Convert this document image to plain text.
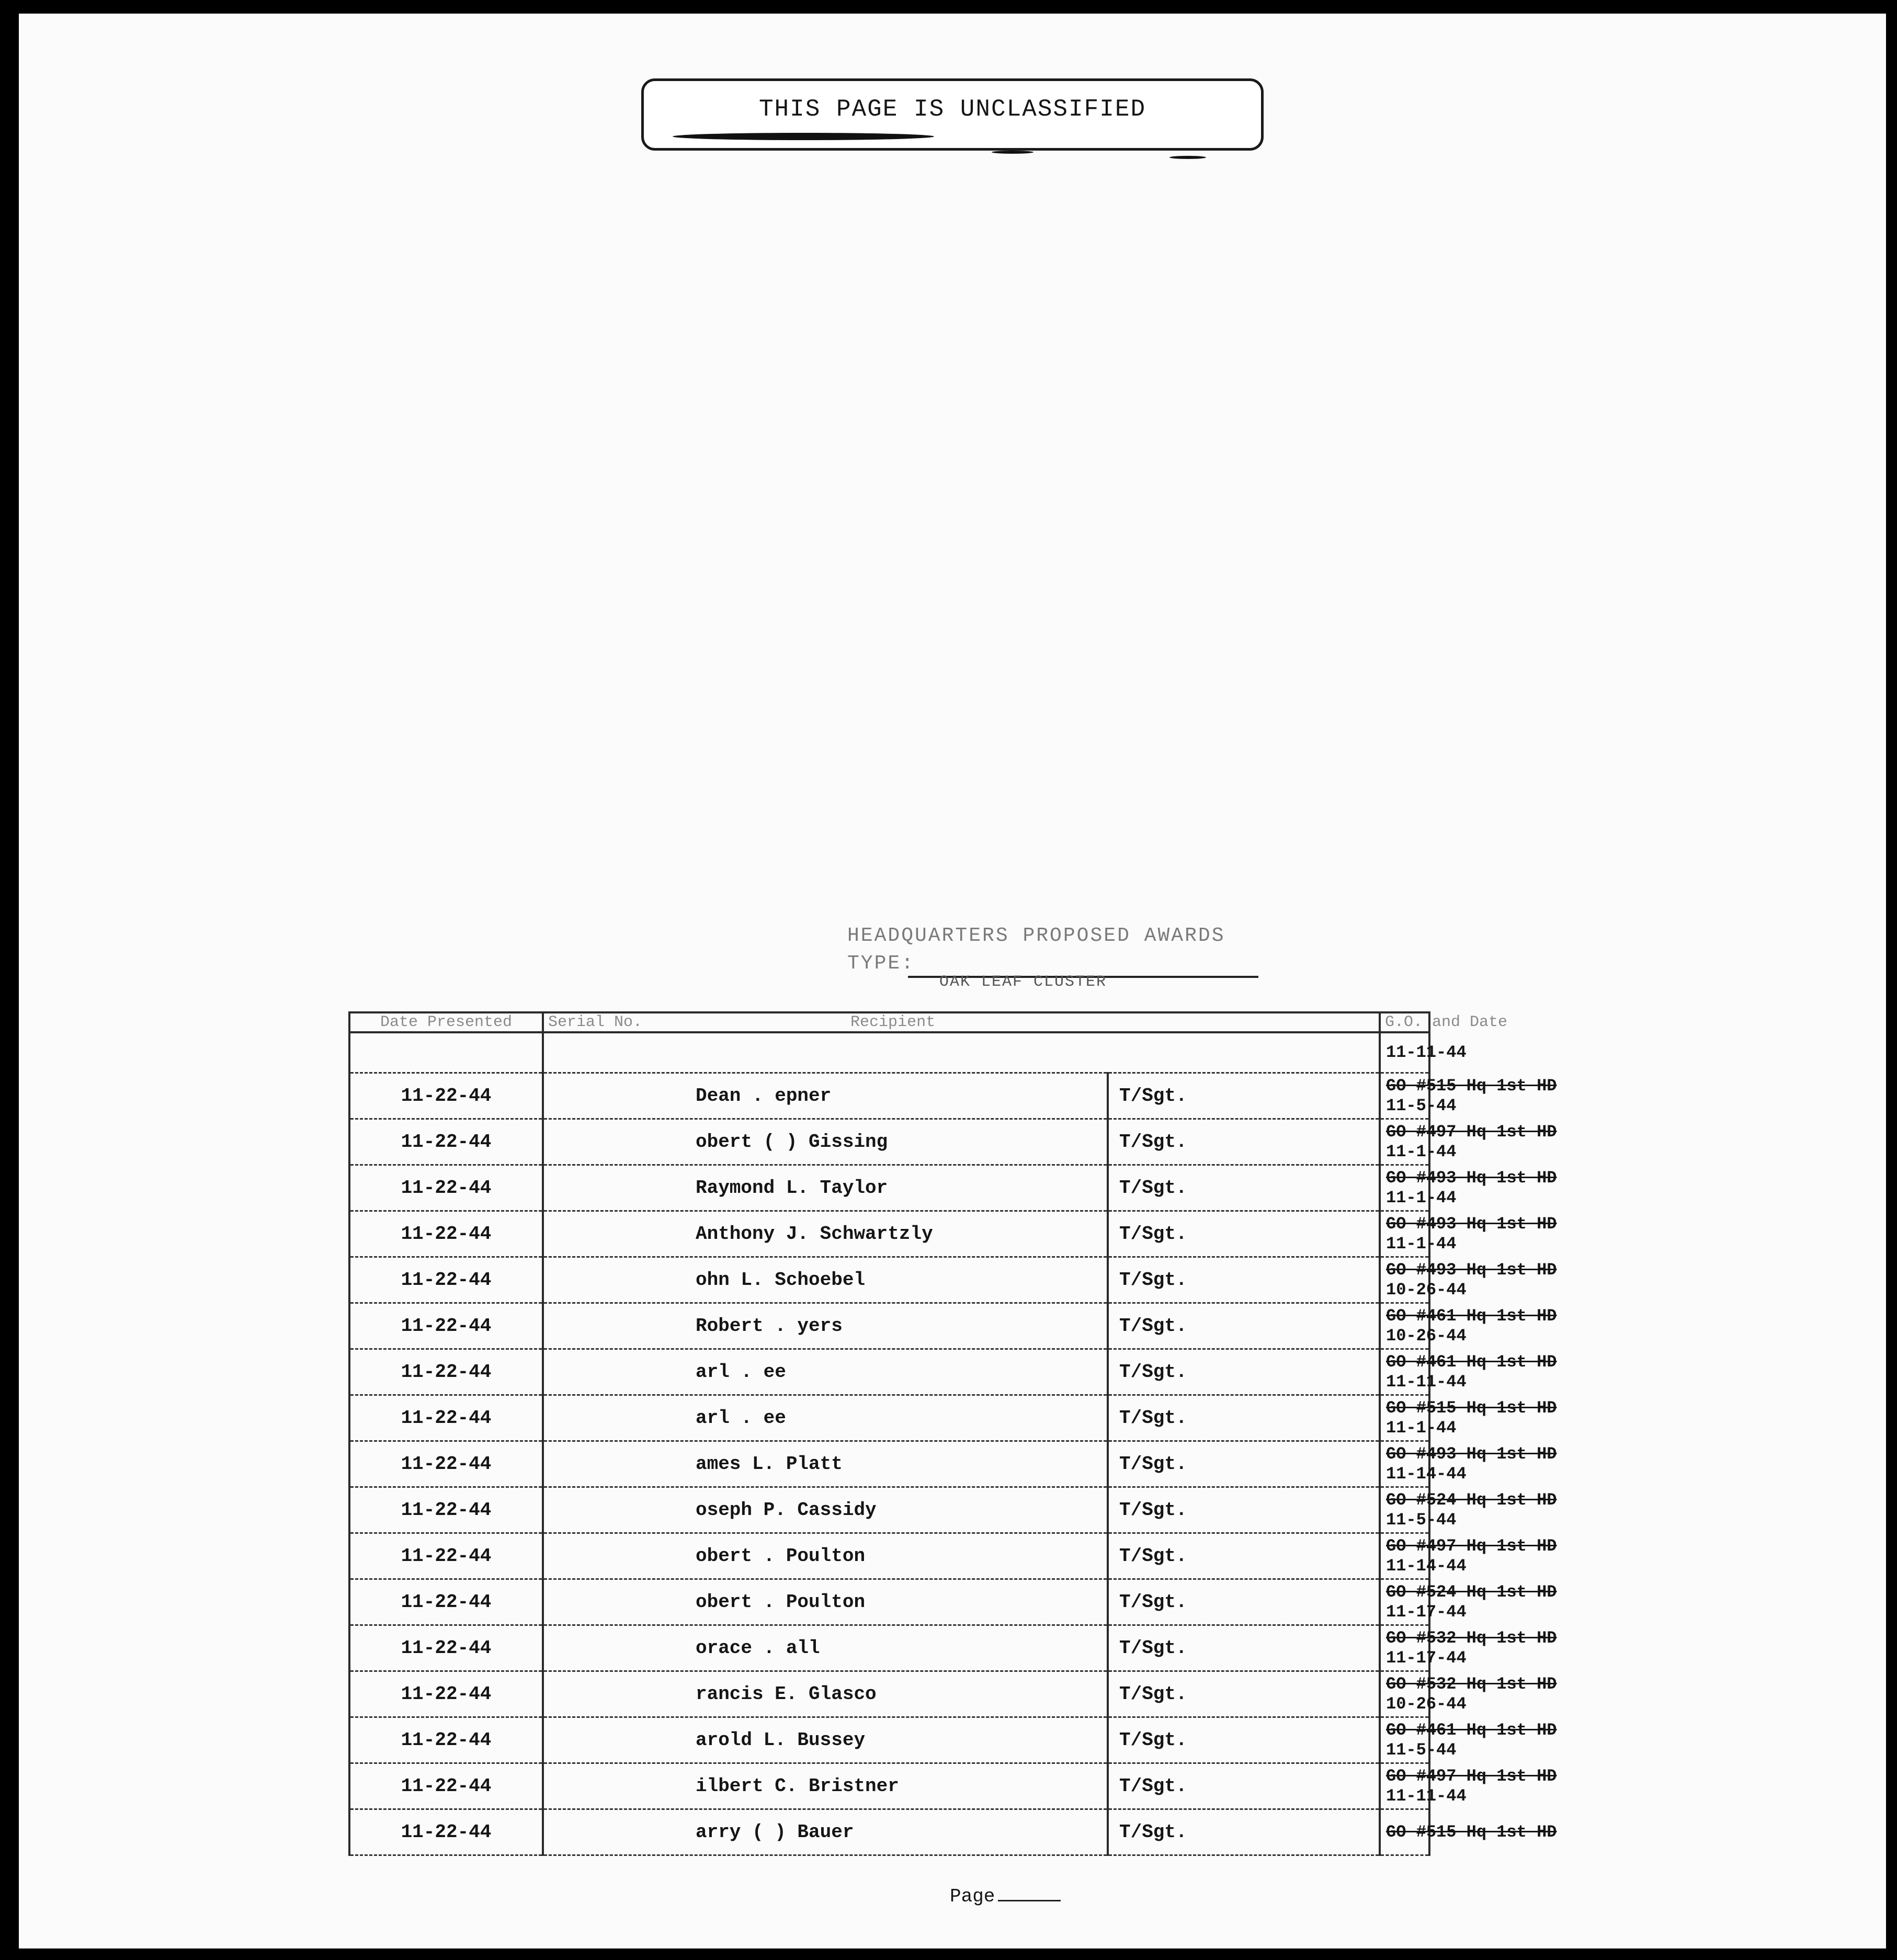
THIS PAGE IS UNCLASSIFIED
HEADQUARTERS PROPOSED AWARDS
TYPE:
OAK LEAF CLUSTER
Date Presented	Serial No. Recipient		G.O. and Date

			11-11-44

11-22-44	Dean . epner	T/Sgt.		GO #515 Hq 1st HD
11-5-44

11-22-44	obert ( ) Gissing	T/Sgt.		GO #497 Hq 1st HD
11-1-44

11-22-44	Raymond L. Taylor	T/Sgt.		GO #493 Hq 1st HD
11-1-44

11-22-44	Anthony J. Schwartzly	T/Sgt.		GO #493 Hq 1st HD
11-1-44

11-22-44	ohn L. Schoebel	T/Sgt.		GO #493 Hq 1st HD
10-26-44

11-22-44	Robert . yers	T/Sgt.		GO #461 Hq 1st HD
10-26-44

11-22-44	arl . ee	T/Sgt.		GO #461 Hq 1st HD
11-11-44

11-22-44	arl . ee	T/Sgt.		GO #515 Hq 1st HD
11-1-44

11-22-44	ames L. Platt	T/Sgt.		GO #493 Hq 1st HD
11-14-44

11-22-44	oseph P. Cassidy	T/Sgt.		GO #524 Hq 1st HD
11-5-44

11-22-44	obert . Poulton	T/Sgt.		GO #497 Hq 1st HD
11-14-44

11-22-44	obert . Poulton	T/Sgt.		GO #524 Hq 1st HD
11-17-44

11-22-44	orace . all	T/Sgt.		GO #532 Hq 1st HD
11-17-44

11-22-44	rancis E. Glasco	T/Sgt.		GO #532 Hq 1st HD
10-26-44

11-22-44	arold L. Bussey	T/Sgt.		GO #461 Hq 1st HD
11-5-44

11-22-44	ilbert C. Bristner	T/Sgt.		GO #497 Hq 1st HD
11-11-44

11-22-44	arry ( ) Bauer	T/Sgt.		GO #515 Hq 1st HD
Page
